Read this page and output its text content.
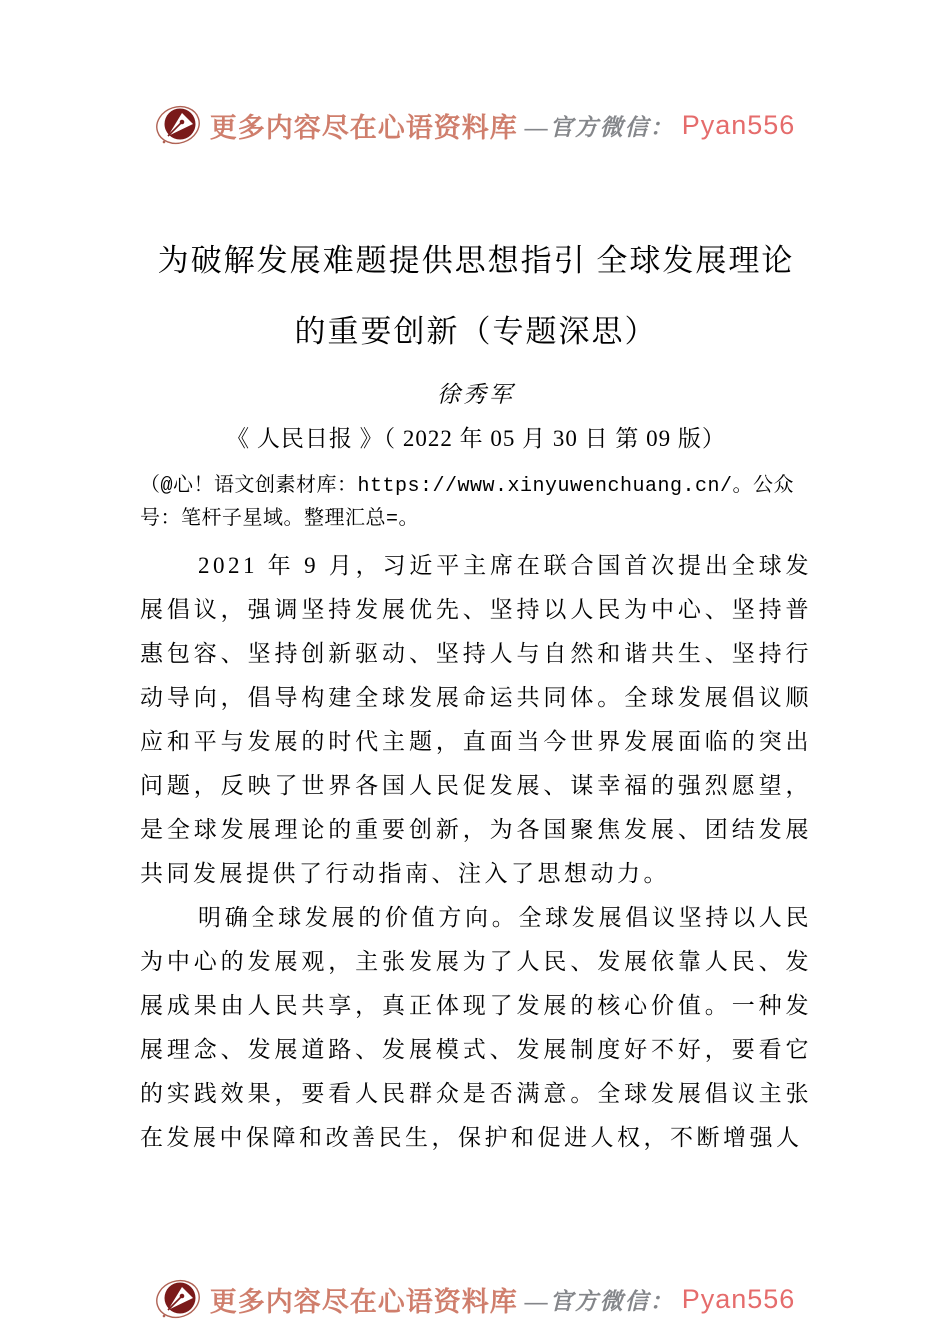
更多内容尽在心语资料库 —官方微信： Pyan556
为破解发展难题提供思想指引 全球发展理论的重要创新（专题深思）
徐秀军
《 人民日报 》（ 2022 年 05 月 30 日 第 09 版）

（@心！语文创素材库：https://www.xinyuwenchuang.cn/。公众号：笔杆子星域。整理汇总=。

2021 年 9 月，习近平主席在联合国首次提出全球发展倡议，强调坚持发展优先、坚持以人民为中心、坚持普惠包容、坚持创新驱动、坚持人与自然和谐共生、坚持行动导向，倡导构建全球发展命运共同体。全球发展倡议顺应和平与发展的时代主题，直面当今世界发展面临的突出问题，反映了世界各国人民促发展、谋幸福的强烈愿望，是全球发展理论的重要创新，为各国聚焦发展、团结发展共同发展提供了行动指南、注入了思想动力。

明确全球发展的价值方向。全球发展倡议坚持以人民为中心的发展观，主张发展为了人民、发展依靠人民、发展成果由人民共享，真正体现了发展的核心价值。一种发展理念、发展道路、发展模式、发展制度好不好，要看它的实践效果，要看人民群众是否满意。全球发展倡议主张在发展中保障和改善民生，保护和促进人权，不断增强人

更多内容尽在心语资料库 —官方微信： Pyan556
